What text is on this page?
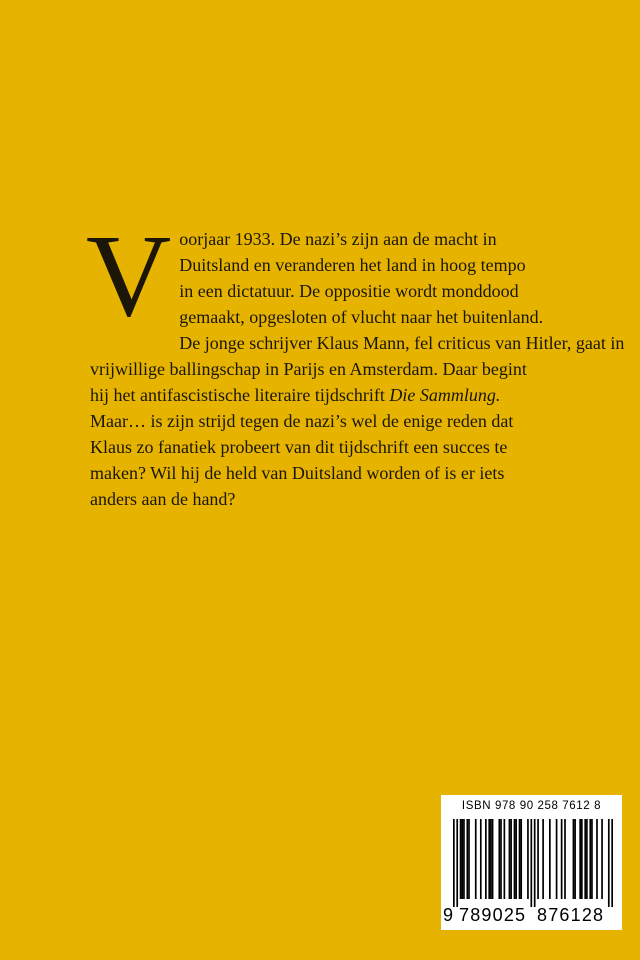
V oorjaar 1933. De nazi’s zijn aan de macht in
Duitsland en veranderen het land in hoog tempo
in een dictatuur. De oppositie wordt monddood
gemaakt, opgesloten of vlucht naar het buitenland.
De jonge schrijver Klaus Mann, fel criticus van Hitler, gaat in
vrijwillige ballingschap in Parijs en Amsterdam. Daar begint
hij het antifascistische literaire tijdschrift Die Sammlung.
Maar… is zijn strijd tegen de nazi’s wel de enige reden dat
Klaus zo fanatiek probeert van dit tijdschrift een succes te
maken? Wil hij de held van Duitsland worden of is er iets
anders aan de hand?
ISBN 978 90 258 7612 8
9 789025 876128
